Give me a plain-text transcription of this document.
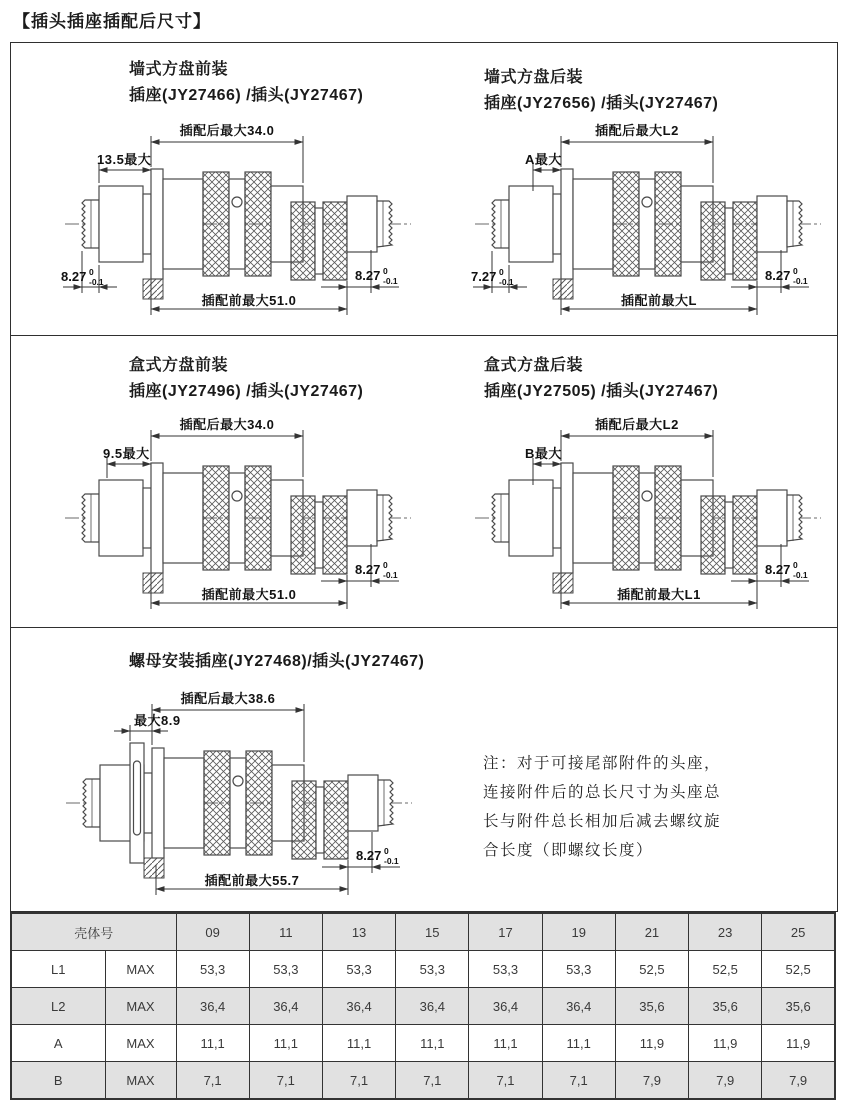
【插头插座插配后尺寸】
墙式方盘前装
插座(JY27466) /插头(JY27467)
墙式方盘后装
插座(JY27656) /插头(JY27467)
盒式方盘前装
插座(JY27496) /插头(JY27467)
盒式方盘后装
插座(JY27505) /插头(JY27467)
螺母安装插座(JY27468)/插头(JY27467)
插配后最大34.0
13.5最大
8.27 0
-0.1	8.27 0
-0.1
插配前最大51.0
插配后最大L2
A最大
7.27 0
-0.1	8.27 0
-0.1
插配前最大L
插配后最大34.0
9.5最大
8.27 0
-0.1
插配前最大51.0
插配后最大L2
B最大
8.27 0
-0.1
插配前最大L1
插配后最大38.6
最大8.9
8.27 0
-0.1
插配前最大55.7
注：对于可接尾部附件的头座，
连接附件后的总长尺寸为头座总
长与附件总长相加后减去螺纹旋
合长度（即螺纹长度）
壳体号		09	11	13	15	17	19	21	23	25
L1	MAX	53,3	53,3	53,3	53,3	53,3	53,3	52,5	52,5	52,5
L2	MAX	36,4	36,4	36,4	36,4	36,4	36,4	35,6	35,6	35,6
A	MAX	11,1	11,1	11,1	11,1	11,1	11,1	11,9	11,9	11,9
B	MAX	7,1	7,1	7,1	7,1	7,1	7,1	7,9	7,9	7,9
